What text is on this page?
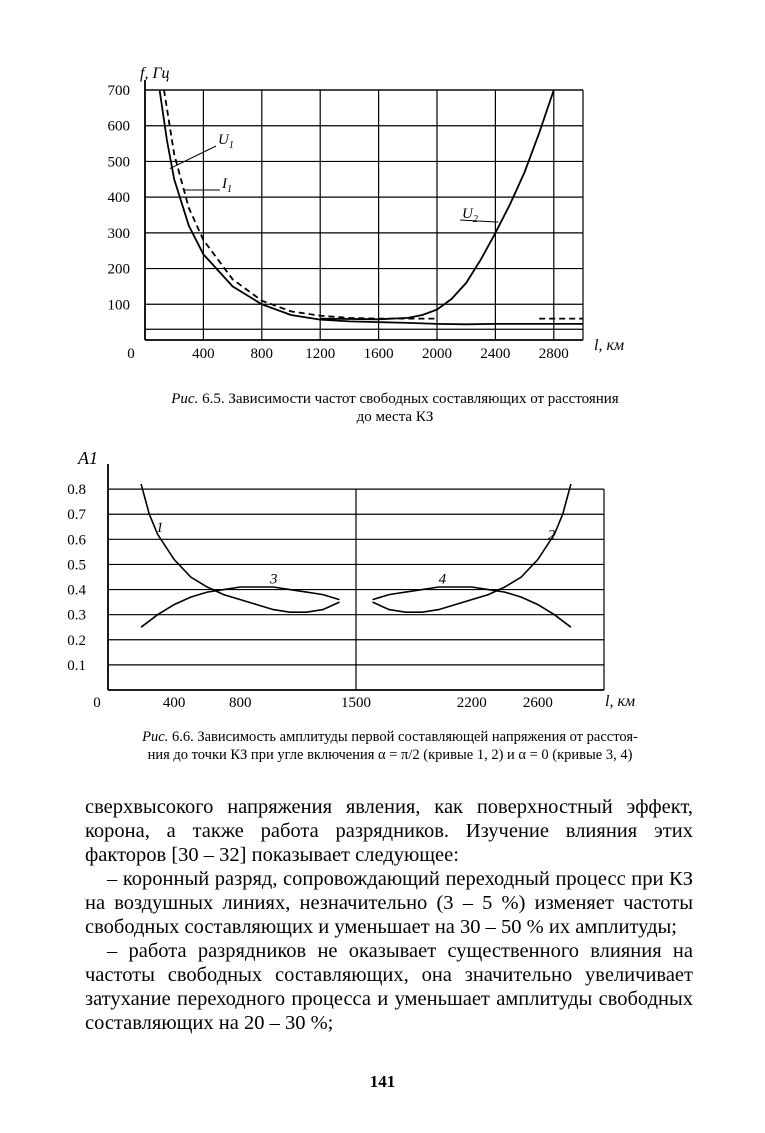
100
200
300
400
500
600
700
0	400 800 1200 1600 2000 2400 2800
$U_1$
$I_1$
$U_2$
f, Гц
l, км
Рис. 6.5. Зависимости частот свободных составляющих от расстояния
до места КЗ
0.1
0.2
0.3
0.4
0.5
0.6
0.7
0.8
0	400	800	1500	2200 2600
1	2
3	4
A1
l, км
Рис. 6.6. Зависимость амплитуды первой составляющей напряжения от расстоя-
ния до точки КЗ при угле включения α = π/2 (кривые 1, 2) и α = 0 (кривые 3, 4)

сверхвысокого напряжения явления, как поверхностный эффект, корона, а также работа разрядников. Изучение влияния этих факторов [30 – 32] показывает следующее:

– коронный разряд, сопровождающий переходный процесс при КЗ на воздушных линиях, незначительно (3 – 5 %) изменяет частоты свободных составляющих и уменьшает на 30 – 50 % их амплитуды;

– работа разрядников не оказывает существенного влияния на частоты свободных составляющих, она значительно увеличивает затухание переходного процесса и уменьшает амплитуды свободных составляющих на 20 – 30 %;

141
